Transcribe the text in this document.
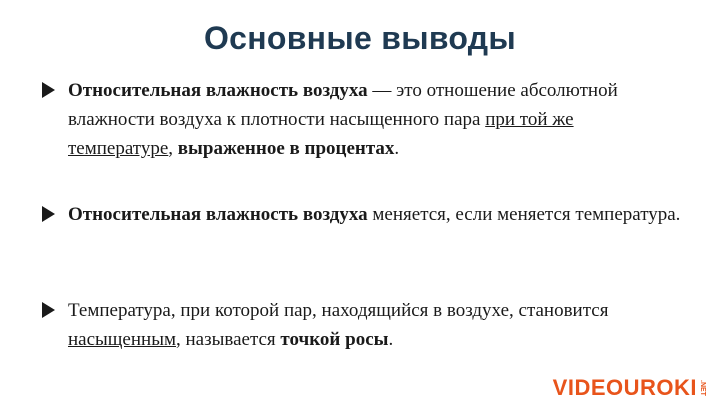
Основные выводы
Относительная влажность воздуха — это отношение абсолютной влажности воздуха к плотности насыщенного пара при той же температуре, выраженное в процентах.
Относительная влажность воздуха меняется, если меняется температура.
Температура, при которой пар, находящийся в воздухе, становится насыщенным, называется точкой росы.
VI DEOUROKI .NET
